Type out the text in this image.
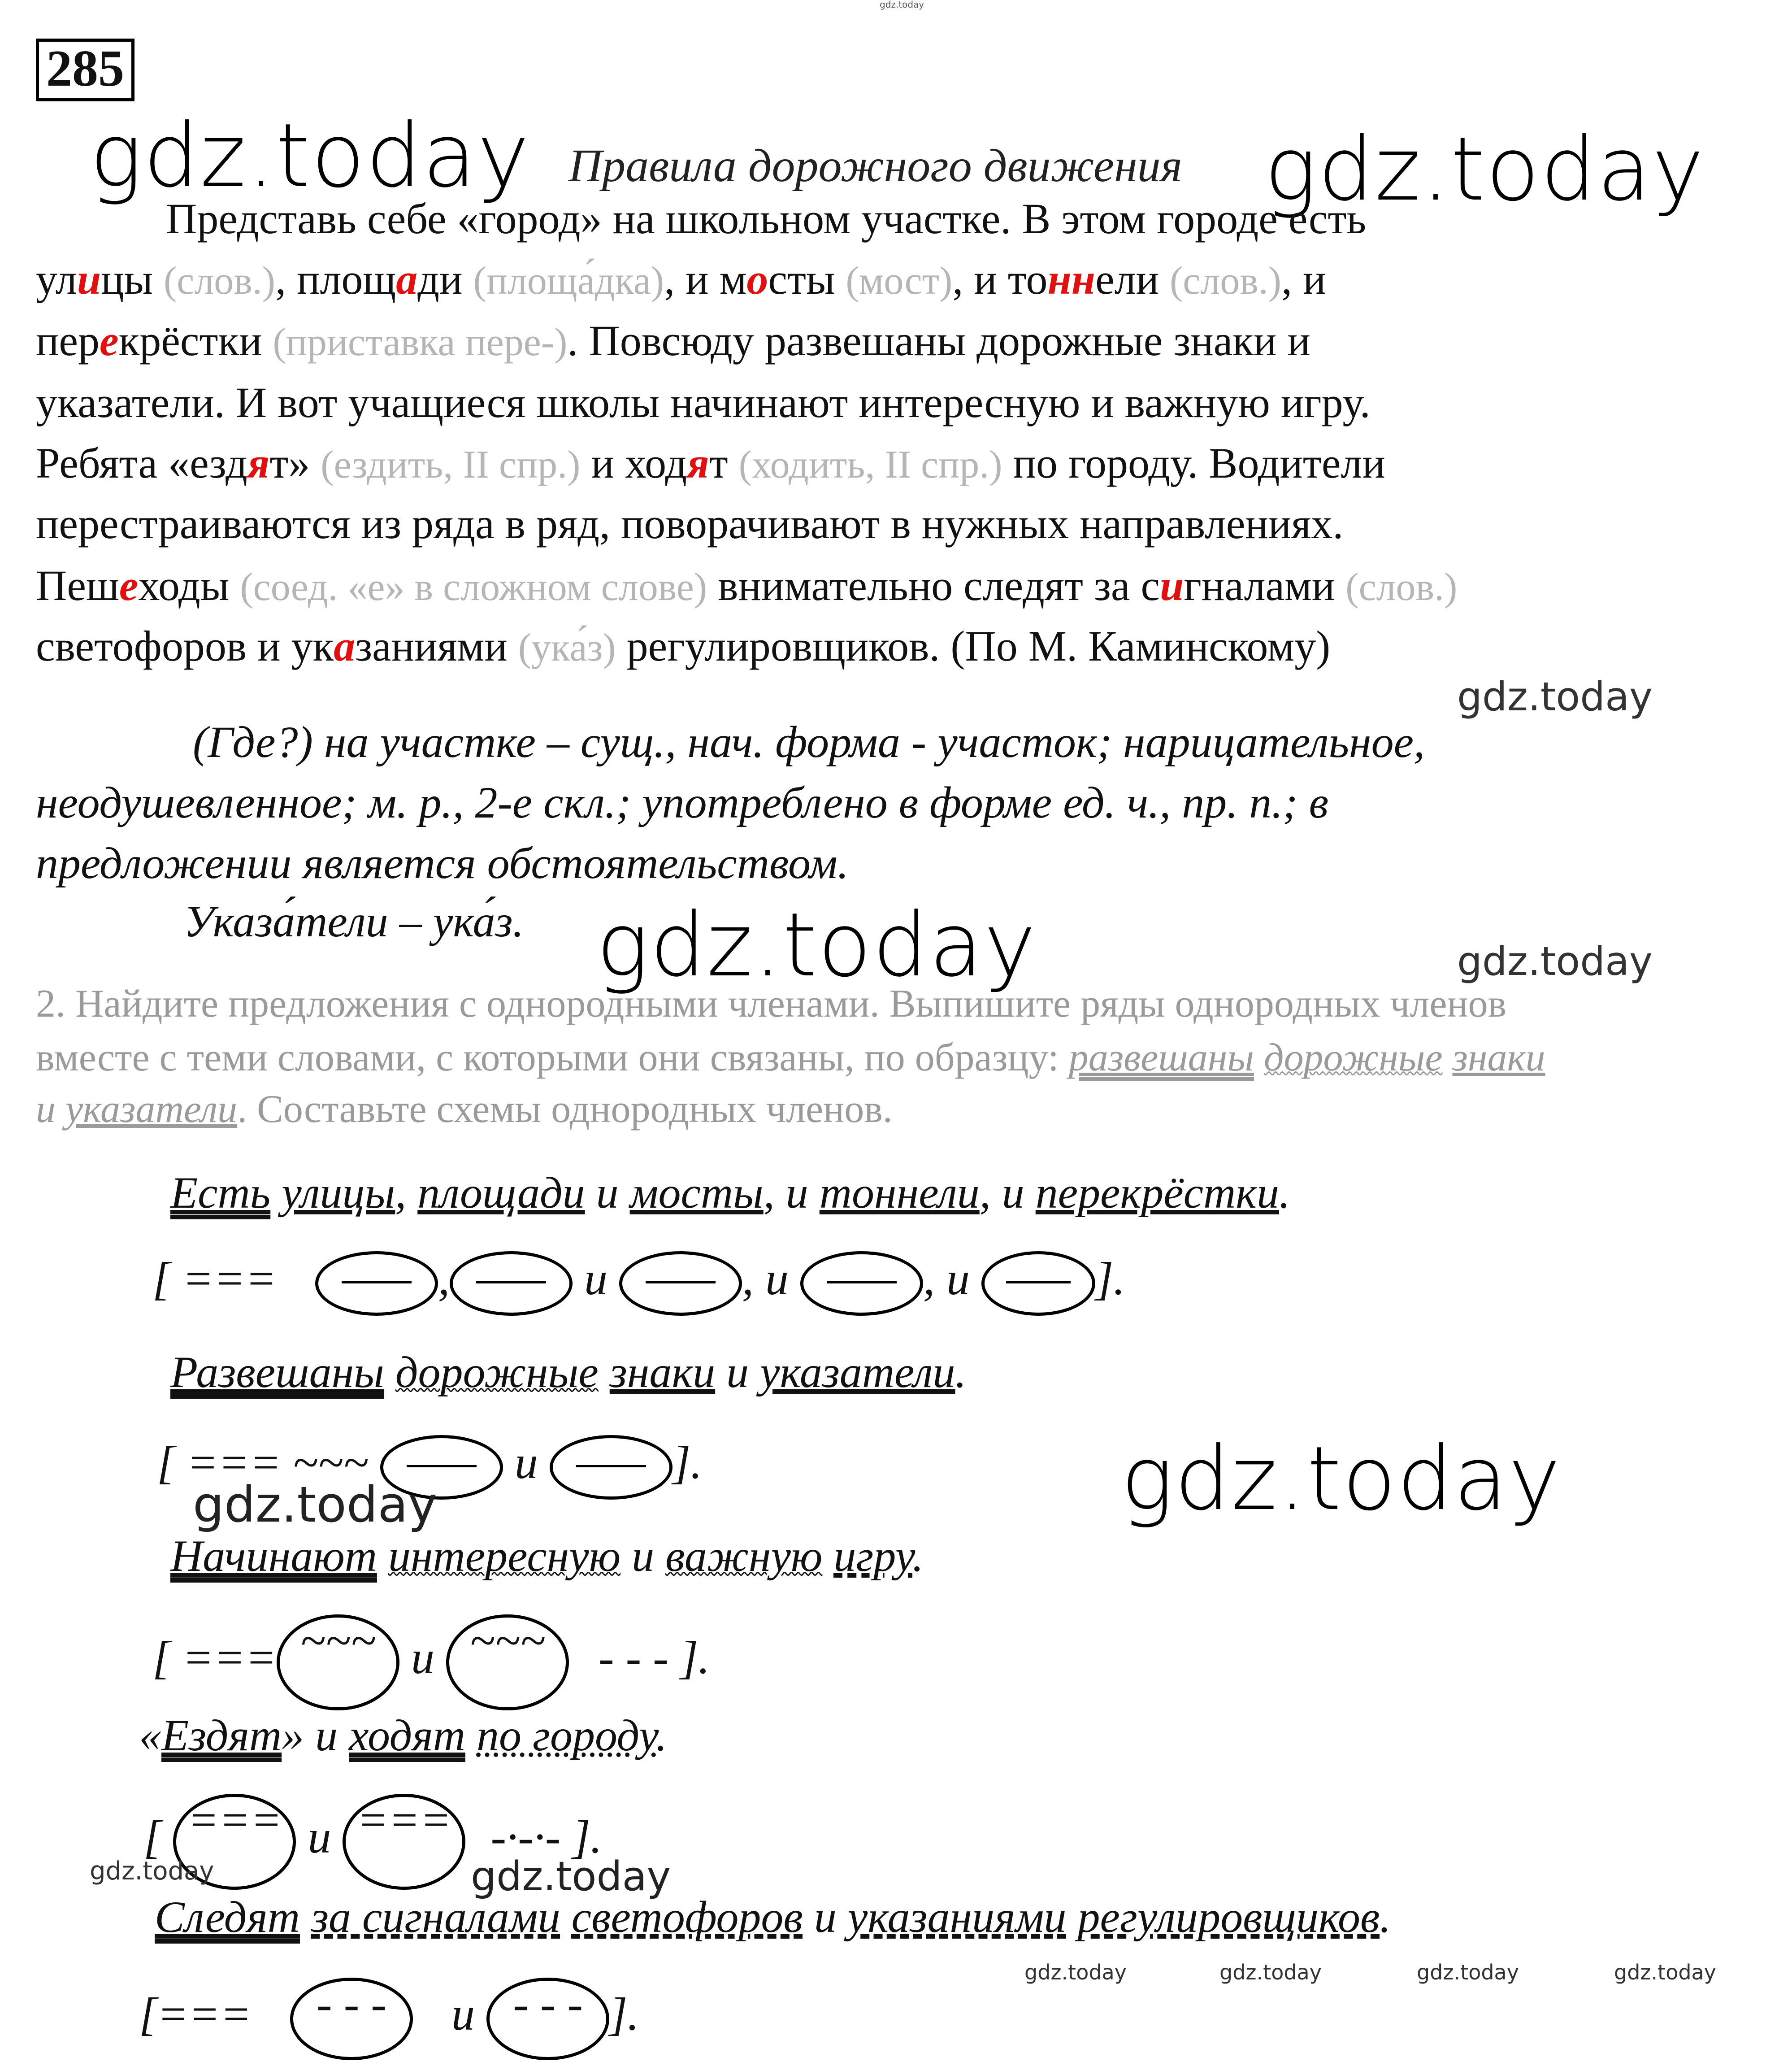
gdz.today
285
gdz.today	gdz.today
Правила дорожного движения
Представь себе «город» на школьном участке. В этом городе есть
улицы (слов.), площади (площа́дка), и мосты (мост), и тоннели (слов.), и
перекрёстки (приставка пере-). Повсюду развешаны дорожные знаки и
указатели. И вот учащиеся школы начинают интересную и важную игру.
Ребята «ездят» (ездить, II спр.) и ходят (ходить, II спр.) по городу. Водители
перестраиваются из ряда в ряд, поворачивают в нужных направлениях.
Пешеходы (соед. «е» в сложном слове) внимательно следят за сигналами (слов.)
светофоров и указаниями (ука́з) регулировщиков. (По М. Каминскому)
gdz.today
(Где?) на участке – сущ., нач. форма - участок; нарицательное,
неодушевленное; м. р., 2-е скл.; употреблено в форме ед. ч., пр. п.; в
предложении является обстоятельством.
Указа́тели – ука́з. gdz.today	gdz.today
2. Найдите предложения с однородными членами. Выпишите ряды однородных членов
вместе с теми словами, с которыми они связаны, по образцу: развешаны дорожные знаки
и указатели. Составьте схемы однородных членов.
Есть улицы, площади и мосты, и тоннели, и перекрёстки.
[ ===	,	и	, и	, и	].
Развешаны дорожные знаки и указатели.
[ === ~~~	и	].	gdz.today
gdz.today
Начинают интересную и важную игру.
[ === ~~~ и ~~~ - - - ].
«Ездят» и ходят по городу.
[ === и === -·-·- ].
gdz.today	gdz.today
Следят за сигналами светофоров и указаниями регулировщиков.
gdz.today	gdz.today	gdz.today	gdz.today
[=== - - - и - - - ].
